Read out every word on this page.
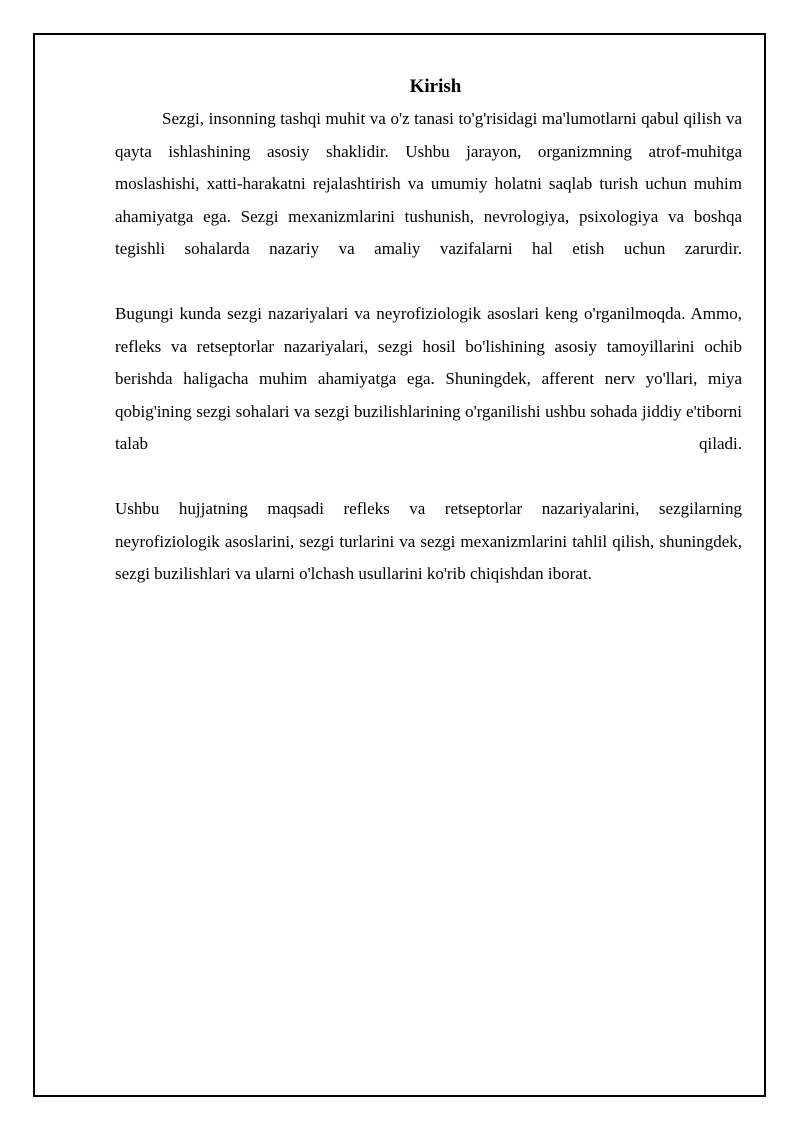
Kirish

Sezgi, insonning tashqi muhit va o'z tanasi to'g'risidagi ma'lumotlarni qabul qilish va qayta ishlashining asosiy shaklidir. Ushbu jarayon, organizmning atrof-muhitga moslashishi, xatti-harakatni rejalashtirish va umumiy holatni saqlab turish uchun muhim ahamiyatga ega. Sezgi mexanizmlarini tushunish, nevrologiya, psixologiya va boshqa tegishli sohalarda nazariy va amaliy vazifalarni hal etish uchun zarurdir.

Bugungi kunda sezgi nazariyalari va neyrofiziologik asoslari keng o'rganilmoqda. Ammo, refleks va retseptorlar nazariyalari, sezgi hosil bo'lishining asosiy tamoyillarini ochib berishda haligacha muhim ahamiyatga ega. Shuningdek, afferent nerv yo'llari, miya qobig'ining sezgi sohalari va sezgi buzilishlarining o'rganilishi ushbu sohada jiddiy e'tiborni talab qiladi.

Ushbu hujjatning maqsadi refleks va retseptorlar nazariyalarini, sezgilarning neyrofiziologik asoslarini, sezgi turlarini va sezgi mexanizmlarini tahlil qilish, shuningdek, sezgi buzilishlari va ularni o'lchash usullarini ko'rib chiqishdan iborat.
